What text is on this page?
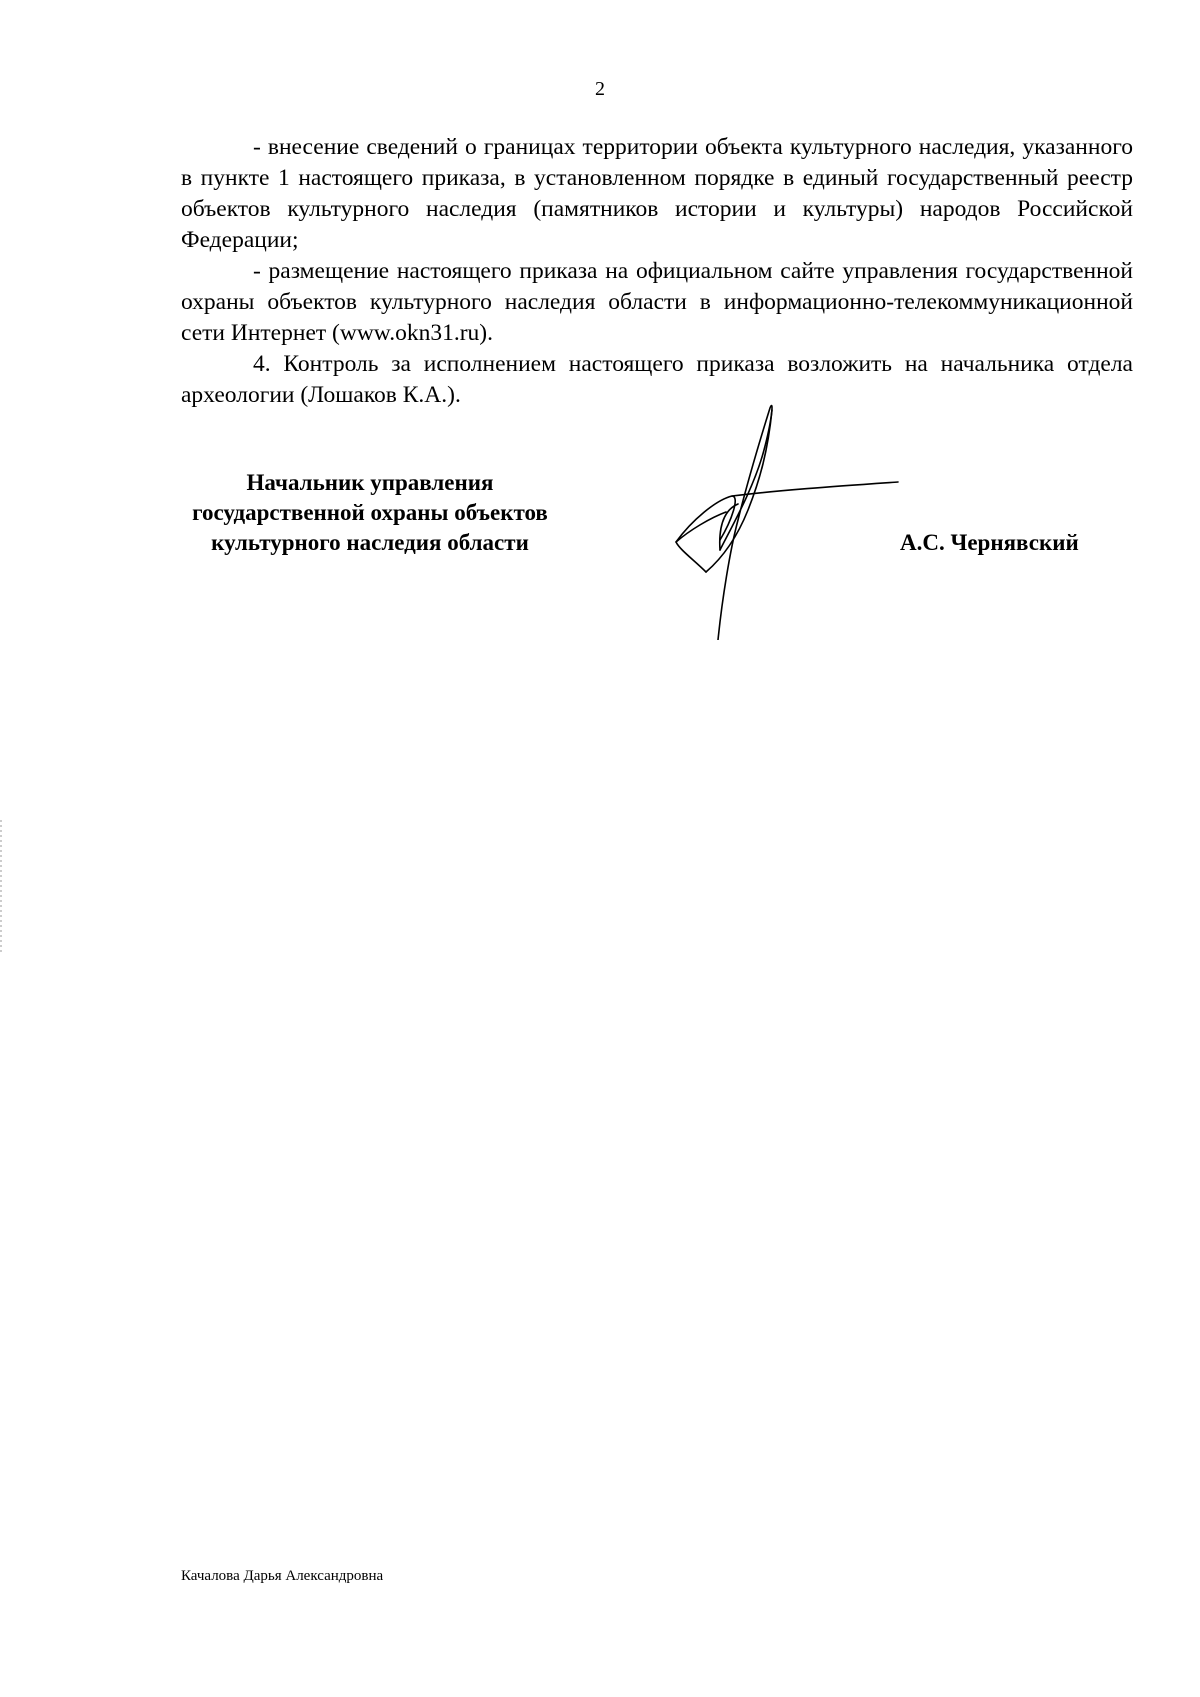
2

- внесение сведений о границах территории объекта культурного наследия, указанного в пункте 1 настоящего приказа, в установленном порядке в единый государственный реестр объектов культурного наследия (памятников истории и культуры) народов Российской Федерации;

- размещение настоящего приказа на официальном сайте управления государственной охраны объектов культурного наследия области в информационно-телекоммуникационной сети Интернет (www.okn31.ru).

4. Контроль за исполнением настоящего приказа возложить на начальника отдела археологии (Лошаков К.А.).

Начальник управления
государственной охраны объектов
культурного наследия области	А.С. Чернявский
Качалова Дарья Александровна
